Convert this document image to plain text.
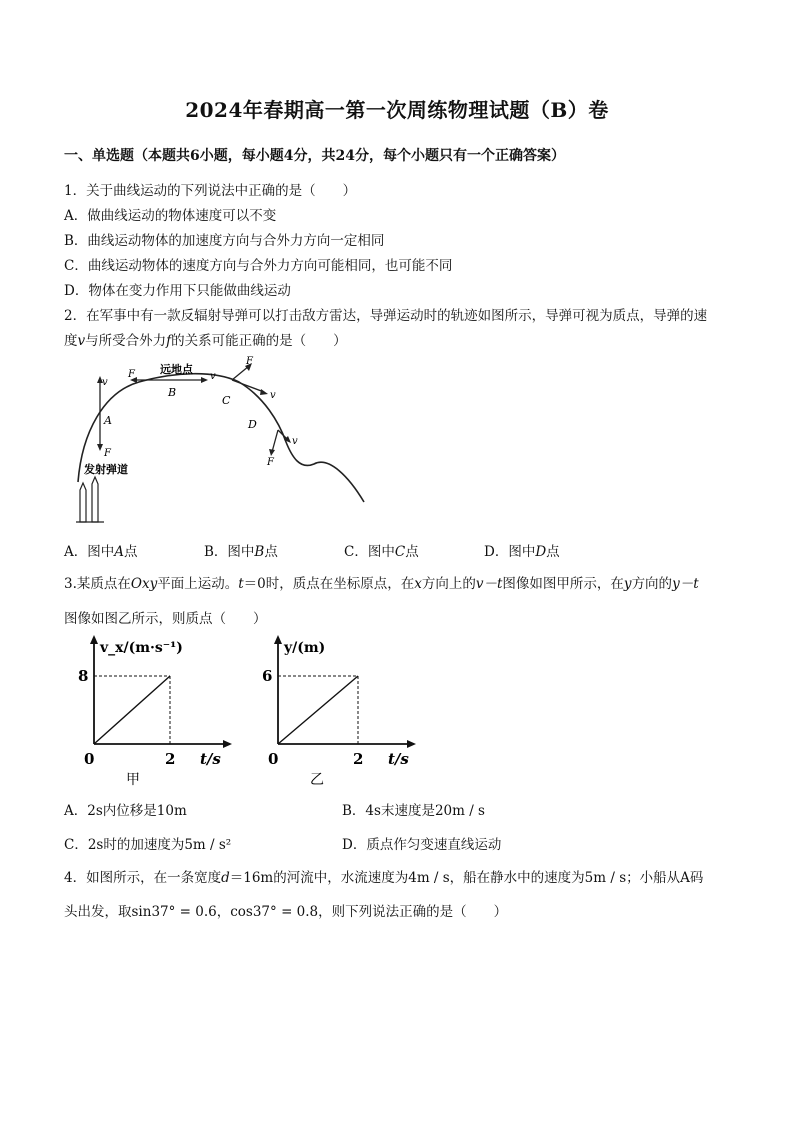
2024年春期高一第一次周练物理试题（B）卷
一、单选题（本题共6小题，每小题4分，共24分，每个小题只有一个正确答案）
1．关于曲线运动的下列说法中正确的是（　　）
A．做曲线运动的物体速度可以不变
B．曲线运动物体的加速度方向与合外力方向一定相同
C．曲线运动物体的速度方向与合外力方向可能相同，也可能不同
D．物体在变力作用下只能做曲线运动
2．在军事中有一款反辐射导弹可以打击敌方雷达，导弹运动时的轨迹如图所示，导弹可视为质点，导弹的速
度v与所受合外力f的关系可能正确的是（　　）
v
F
A
F	v
B
远地点
F
v
C
v
F
D
发射弹道
A．图中A点	B．图中B点	C．图中C点	D．图中D点
3.某质点在Oxy平面上运动。t＝0时，质点在坐标原点，在x方向上的v－t图像如图甲所示，在y方向的y－t
图像如图乙所示，则质点（　　）
v_x/(m·s⁻¹)
8
0	2 t/s
甲
y/(m)
6
0	2 t/s
乙
A．2s内位移是10m	B．4s末速度是20m / s
C．2s时的加速度为5m / s²	D．质点作匀变速直线运动
4．如图所示，在一条宽度d＝16m的河流中，水流速度为4m / s，船在静水中的速度为5m / s；小船从A码
头出发，取sin37° = 0.6，cos37° = 0.8，则下列说法正确的是（　　）
